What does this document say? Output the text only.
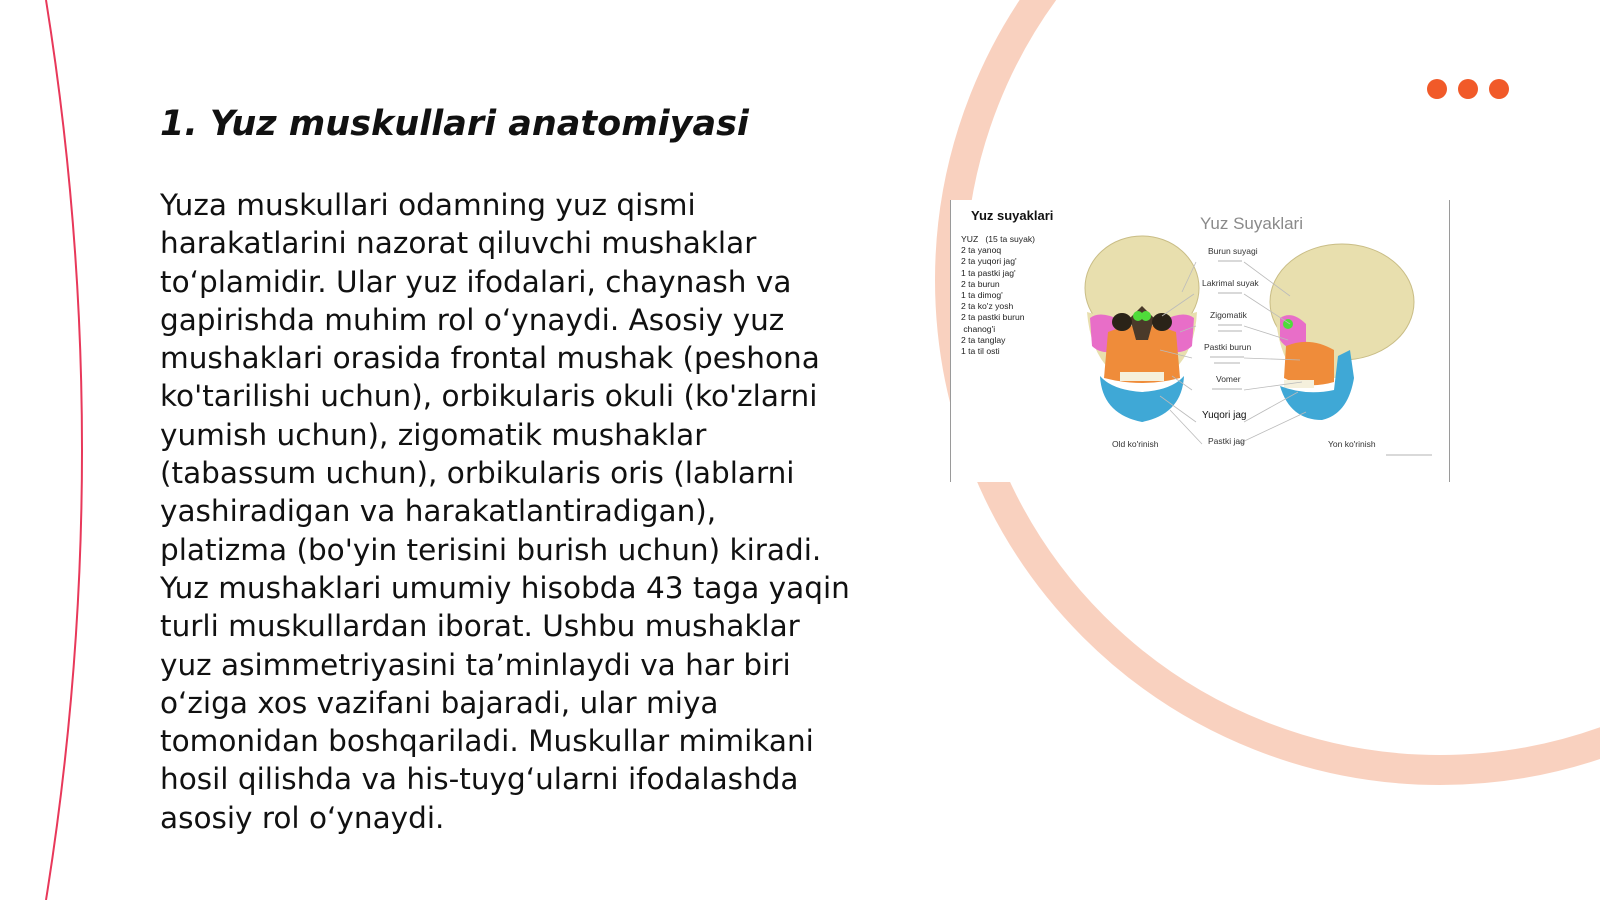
1. Yuz muskullari anatomiyasi

Yuza muskullari odamning yuz qismi harakatlarini nazorat qiluvchi mushaklar to‘plamidir. Ular yuz ifodalari, chaynash va gapirishda muhim rol o‘ynaydi. Asosiy yuz mushaklari orasida frontal mushak (peshona ko'tarilishi uchun), orbikularis okuli (ko'zlarni yumish uchun), zigomatik mushaklar (tabassum uchun), orbikularis oris (lablarni yashiradigan va harakatlantiradigan), platizma (bo'yin terisini burish uchun) kiradi. Yuz mushaklari umumiy hisobda 43 taga yaqin turli muskullardan iborat. Ushbu mushaklar yuz asimmetriyasini ta’minlaydi va har biri o‘ziga xos vazifani bajaradi, ular miya tomonidan boshqariladi. Muskullar mimikani hosil qilishda va his-tuyg‘ularni ifodalashda asosiy rol o‘ynaydi.

Yuz suyaklari
YUZ   (15 ta suyak)
2 ta yanoq
2 ta yuqori jag'
1 ta pastki jag'
2 ta burun
1 ta dimog'
2 ta ko'z yosh
2 ta pastki burun
chanog'i
2 ta tanglay
1 ta til osti
Yuz Suyaklari
Burun suyagi
Lakrimal suyak
Zigomatik
Pastki burun
Vomer
Yuqori jag
Pastki jag
Old ko'rinish	Yon ko'rinish
